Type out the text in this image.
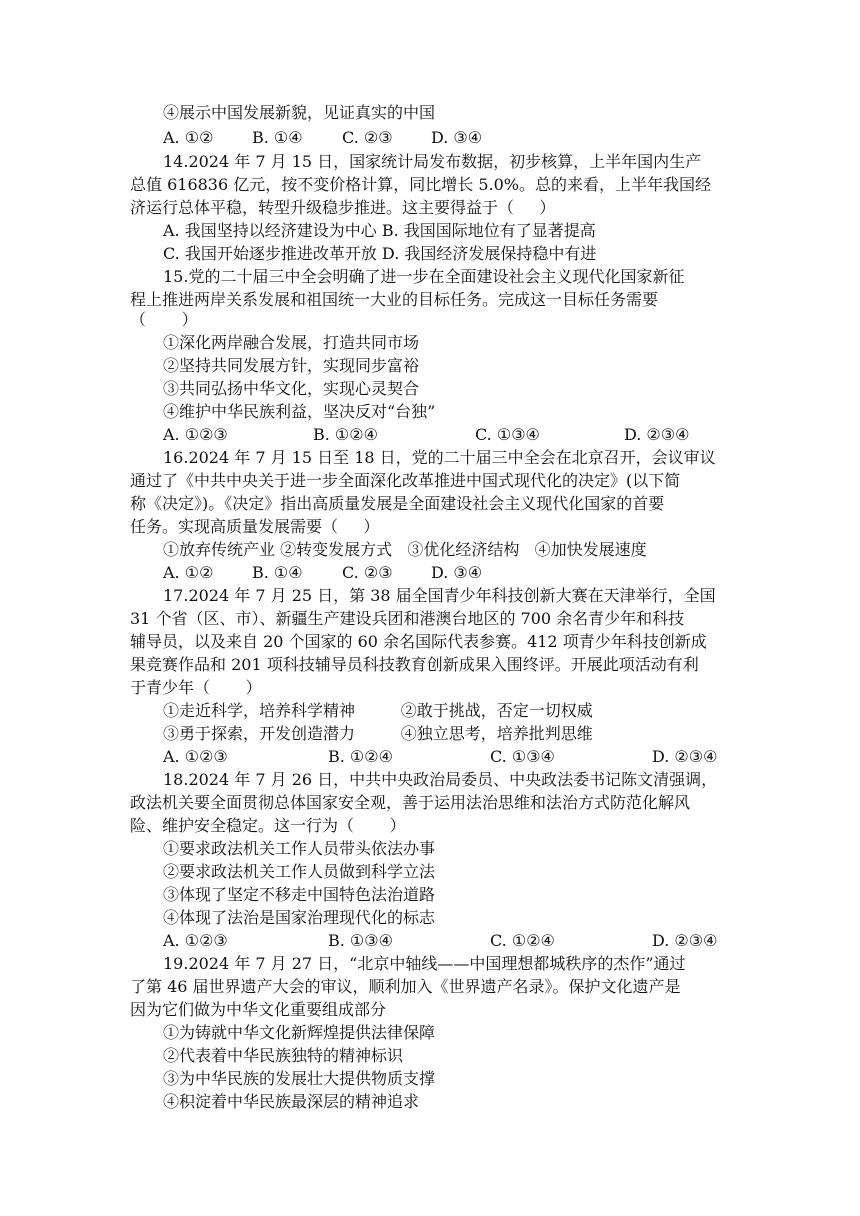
④展示中国发展新貌，见证真实的中国
A. ①② B. ①④ C. ②③ D. ③④
14.2024 年 7 月 15 日，国家统计局发布数据，初步核算，上半年国内生产
总值 616836 亿元，按不变价格计算，同比增长 5.0%。总的来看，上半年我国经
济运行总体平稳，转型升级稳步推进。这主要得益于（     ）
A. 我国坚持以经济建设为中心 B. 我国国际地位有了显著提高
C. 我国开始逐步推进改革开放 D. 我国经济发展保持稳中有进
15.党的二十届三中全会明确了进一步在全面建设社会主义现代化国家新征
程上推进两岸关系发展和祖国统一大业的目标任务。完成这一目标任务需要
（       ）
①深化两岸融合发展，打造共同市场
②坚持共同发展方针，实现同步富裕
③共同弘扬中华文化，实现心灵契合
④维护中华民族利益，坚决反对“台独”
A. ①②③	B. ①②④	C. ①③④	D. ②③④
16.2024 年 7 月 15 日至 18 日，党的二十届三中全会在北京召开，会议审议
通过了《中共中央关于进一步全面深化改革推进中国式现代化的决定》(以下简
称《决定》)。《决定》指出高质量发展是全面建设社会主义现代化国家的首要
任务。实现高质量发展需要（     ）
①放弃传统产业 ②转变发展方式   ③优化经济结构   ④加快发展速度
A. ①② B. ①④ C. ②③ D. ③④
17.2024 年 7 月 25 日，第 38 届全国青少年科技创新大赛在天津举行，全国
31 个省（区、市）、新疆生产建设兵团和港澳台地区的 700 余名青少年和科技
辅导员，以及来自 20 个国家的 60 余名国际代表参赛。412 项青少年科技创新成
果竞赛作品和 201 项科技辅导员科技教育创新成果入围终评。开展此项活动有利
于青少年（       ）
①走近科学，培养科学精神         ②敢于挑战，否定一切权威
③勇于探索，开发创造潜力         ④独立思考，培养批判思维
A. ①②③	B. ①②④	C. ①③④	D. ②③④
18.2024 年 7 月 26 日，中共中央政治局委员、中央政法委书记陈文清强调，
政法机关要全面贯彻总体国家安全观，善于运用法治思维和法治方式防范化解风
险、维护安全稳定。这一行为（       ）
①要求政法机关工作人员带头依法办事
②要求政法机关工作人员做到科学立法
③体现了坚定不移走中国特色法治道路
④体现了法治是国家治理现代化的标志
A. ①②③	B. ①③④	C. ①②④	D. ②③④
19.2024 年 7 月 27 日，“北京中轴线——中国理想都城秩序的杰作”通过
了第 46 届世界遗产大会的审议，顺利加入《世界遗产名录》。保护文化遗产是
因为它们做为中华文化重要组成部分
①为铸就中华文化新辉煌提供法律保障
②代表着中华民族独特的精神标识
③为中华民族的发展壮大提供物质支撑
④积淀着中华民族最深层的精神追求
